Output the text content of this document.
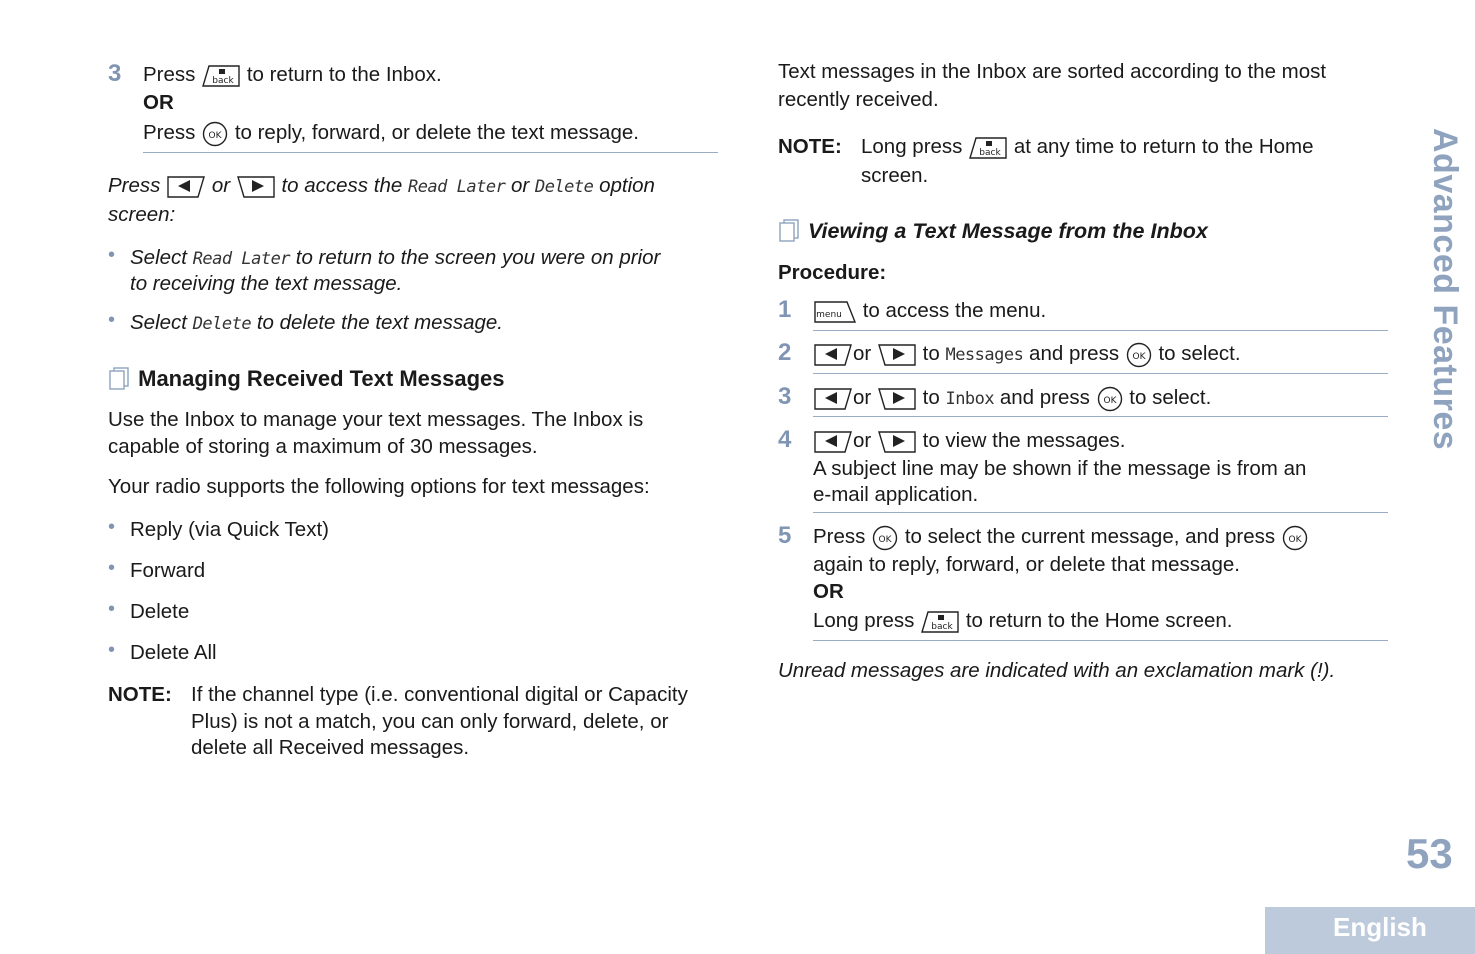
3 Press back to return to the Inbox.
OR
Press OK to reply, forward, or delete the text message.
Press	or	to access the Read Later or Delete option
screen:
• Select Read Later to return to the screen you were on prior
to receiving the text message.
• Select Delete to delete the text message.
Managing Received Text Messages
Use the Inbox to manage your text messages. The Inbox is
capable of storing a maximum of 30 messages.
Your radio supports the following options for text messages:
• Reply (via Quick Text)
• Forward
• Delete
• Delete All
NOTE: If the channel type (i.e. conventional digital or Capacity
Plus) is not a match, you can only forward, delete, or
delete all Received messages.
Text messages in the Inbox are sorted according to the most
recently received.
NOTE: Long press back at any time to return to the Home
screen.
Viewing a Text Message from the Inbox
Procedure:
1	menu to access the menu.
2	or	to Messages and press OK to select.
3	or	to Inbox and press OK to select.
4	or	to view the messages.
A subject line may be shown if the message is from an
e-mail application.
5 Press OK to select the current message, and press OK
again to reply, forward, or delete that message.
OR
Long press back to return to the Home screen.
Unread messages are indicated with an exclamation mark (!).
Advanced Features
53
English
